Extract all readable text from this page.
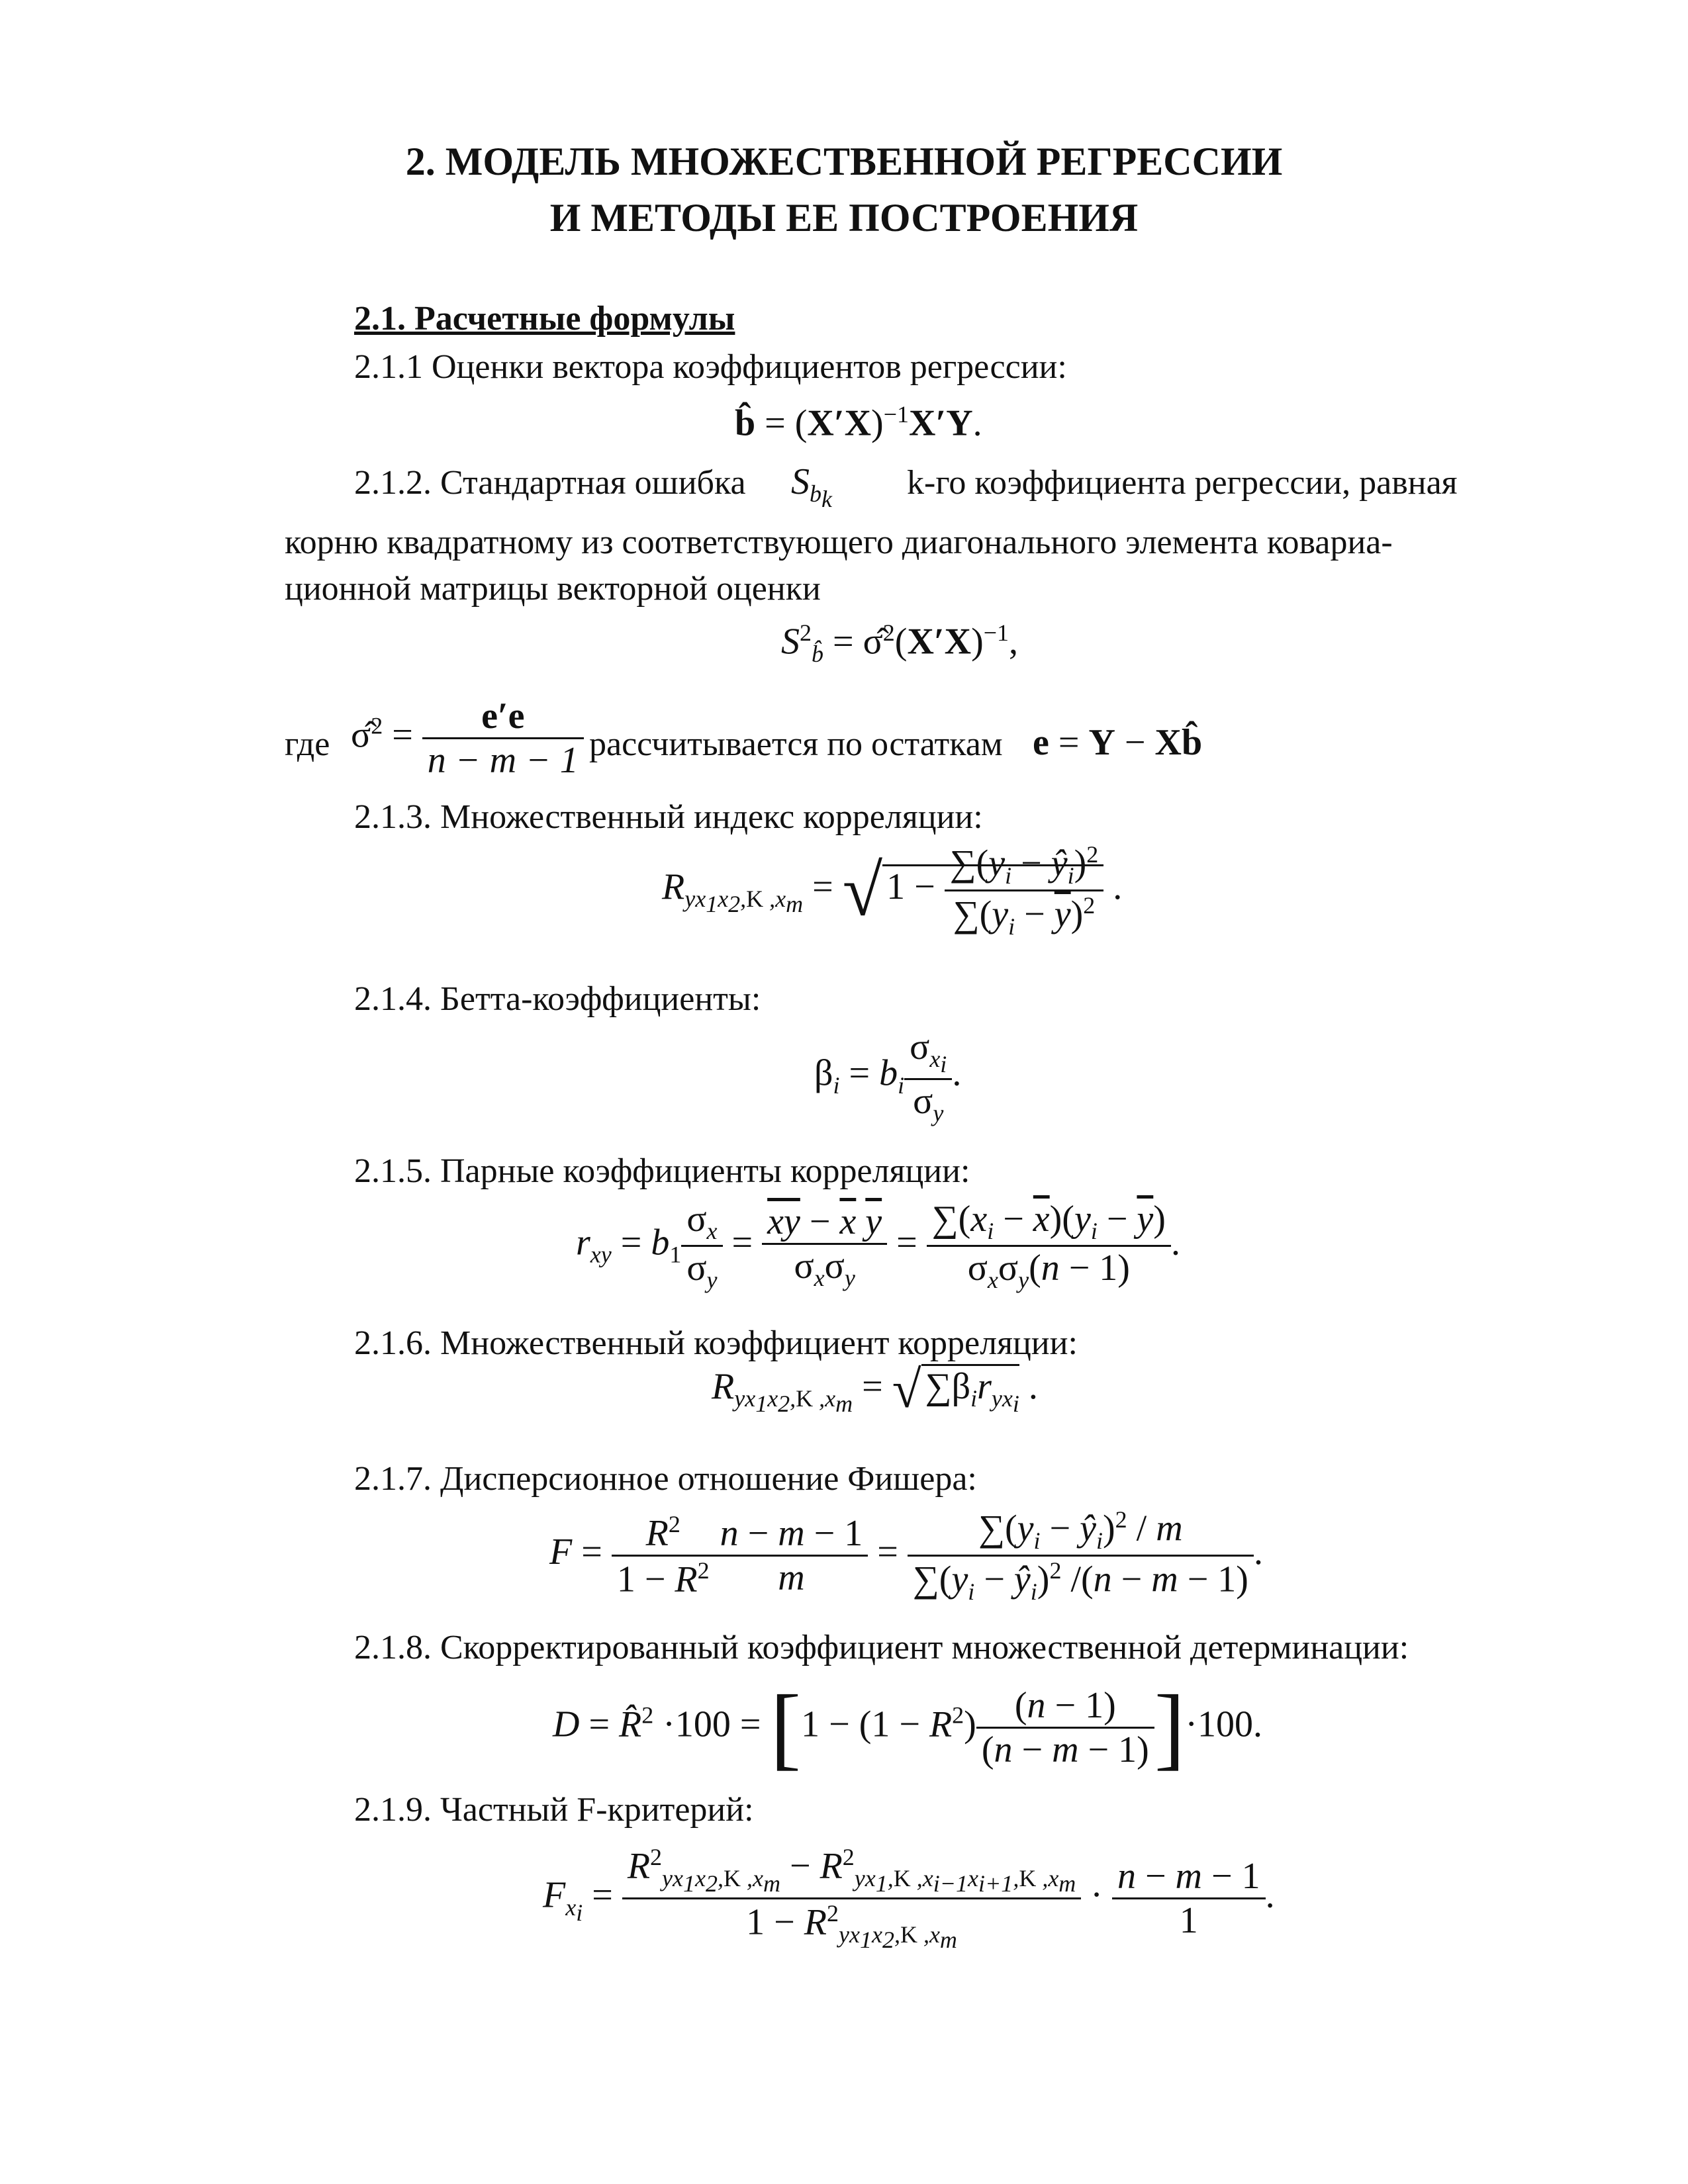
2. МОДЕЛЬ МНОЖЕСТВЕННОЙ РЕГРЕССИИ
И МЕТОДЫ ЕЕ ПОСТРОЕНИЯ
2.1. Расчетные формулы
2.1.1 Оценки вектора коэффициентов регрессии:
b̂ = $(X'X)^{-1}X'Y$.
2.1.2. Стандартная ошибка $S_{b_k}$ k-го коэффициента регрессии, равная
корню квадратному из соответствующего диагонального элемента ковариа-
ционной матрицы векторной оценки
$S^2_{b̂}$ = $\sigmâ^2(X'X)^{-1}$,
где σ̂$^2$ = $\frac{e'e}{n - m - 1}$ рассчитывается по остаткам e = Y − Xb̂
2.1.3. Множественный индекс корреляции:
$R_{yx_1x_2,K ,x_m}$ = √ $1 - \frac{\sum(y_i - ŷ_i)^2}{\sum(y_i - \overline{y})^2}$ .
2.1.4. Бетта-коэффициенты:
$\beta_i = b_i \frac{\sigma_{x_i}}{\sigma_y}$ .
2.1.5. Парные коэффициенты корреляции:
$r_{xy} = b_1 \frac{\sigma_x}{\sigma_y} = \frac{\overline{xy} - \overline{x} \overline{y}}{\sigma_x\sigma_y} = \frac{\sum(x_i - \overline{x})(y_i - \overline{y})}{\sigma_x\sigma_y(n - 1)}$ .
2.1.6. Множественный коэффициент корреляции:
$R_{yx_1x_2,K ,x_m}$ = √ $\sum\beta_ir_{yx_i}$ .
2.1.7. Дисперсионное отношение Фишера:
$F = \frac{R^2}{1 - R^2} \frac{n - m - 1}{m} = \frac{\sum(y_i - ŷ_i)^2 / m}{\sum(y_i - ŷ_i)^2 /(n - m - 1)}$ .
2.1.8. Скорректированный коэффициент множественной детерминации:
D = R̂$^2$ $\cdot 100 = [1 - (1 - R^2) \frac{(n - 1)}{(n - m - 1)} ]\cdot 100$.
2.1.9. Частный F-критерий:
$F_{x_i} = \frac{R^2_{yx_1x_2,K ,x_m} - R^2_{yx_1,K ,x_{i-1}x_{i+1},K ,x_m}}{1 - R^2_{yx_1x_2,K ,x_m}} \cdot \frac{n - m - 1}{1}$ .
